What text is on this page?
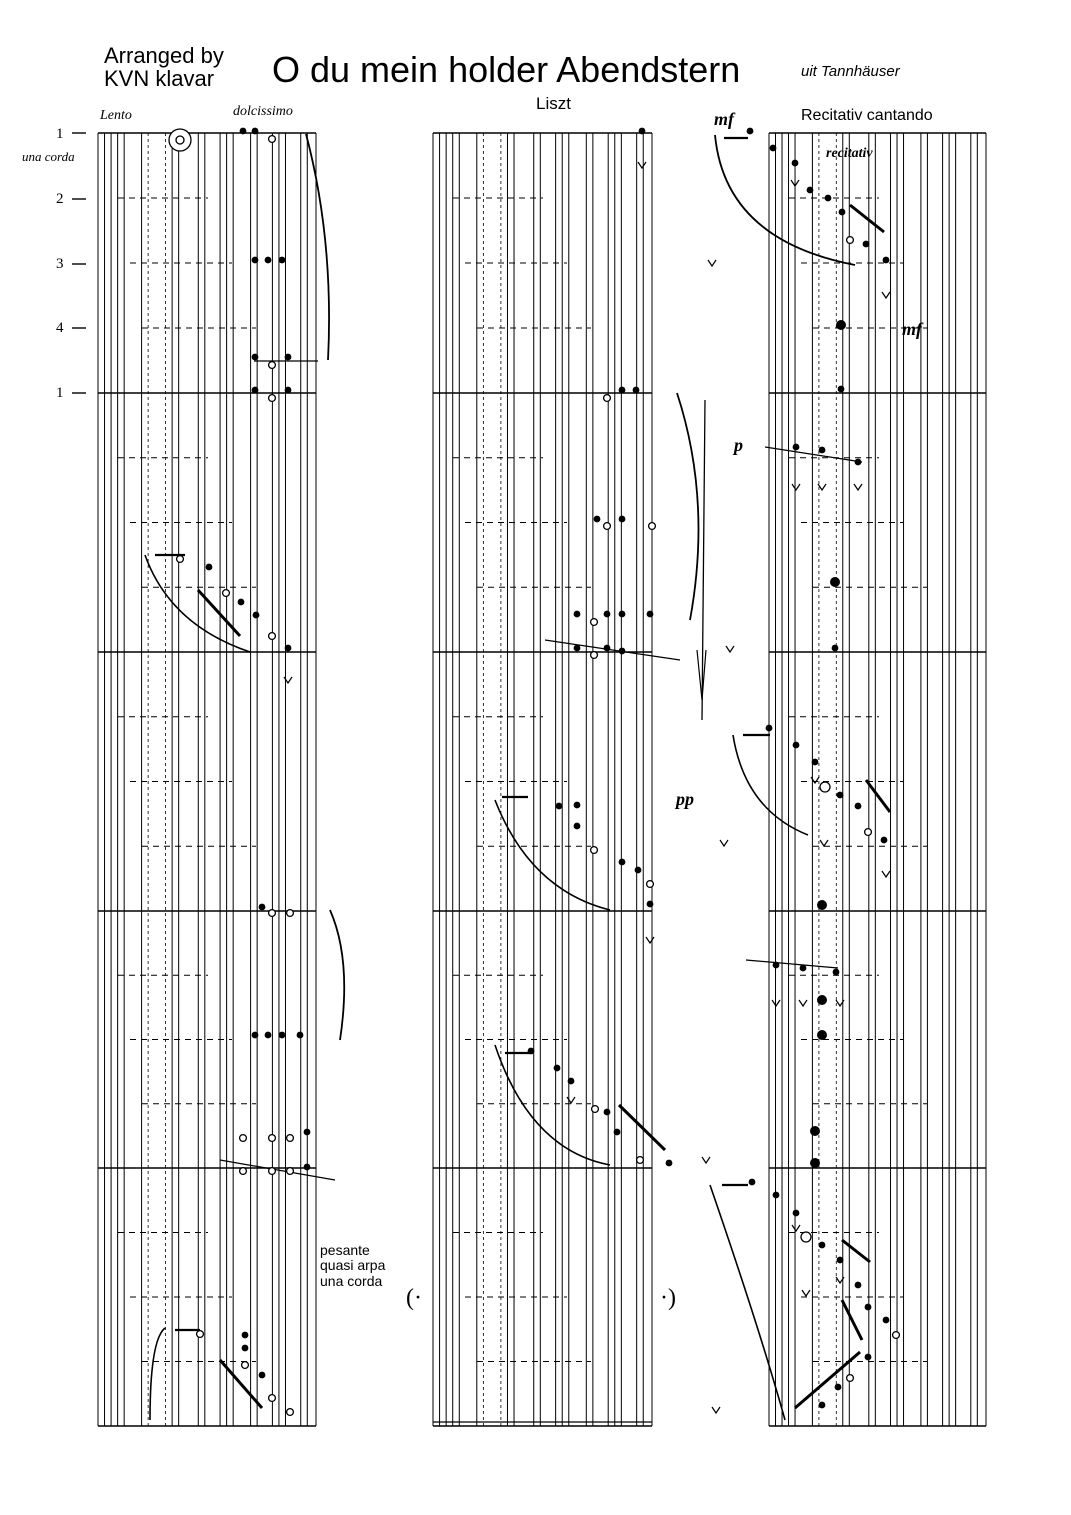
Arranged by
KVN klavar O du mein holder Abendstern	uit Tannhäuser
Liszt
Lento	dolcissimo
una corda
Recitativ cantando
recitativ
pesante
quasi arpa
una corda
(·	·)
mf
mf
p
pp
1
2
3
4
1
